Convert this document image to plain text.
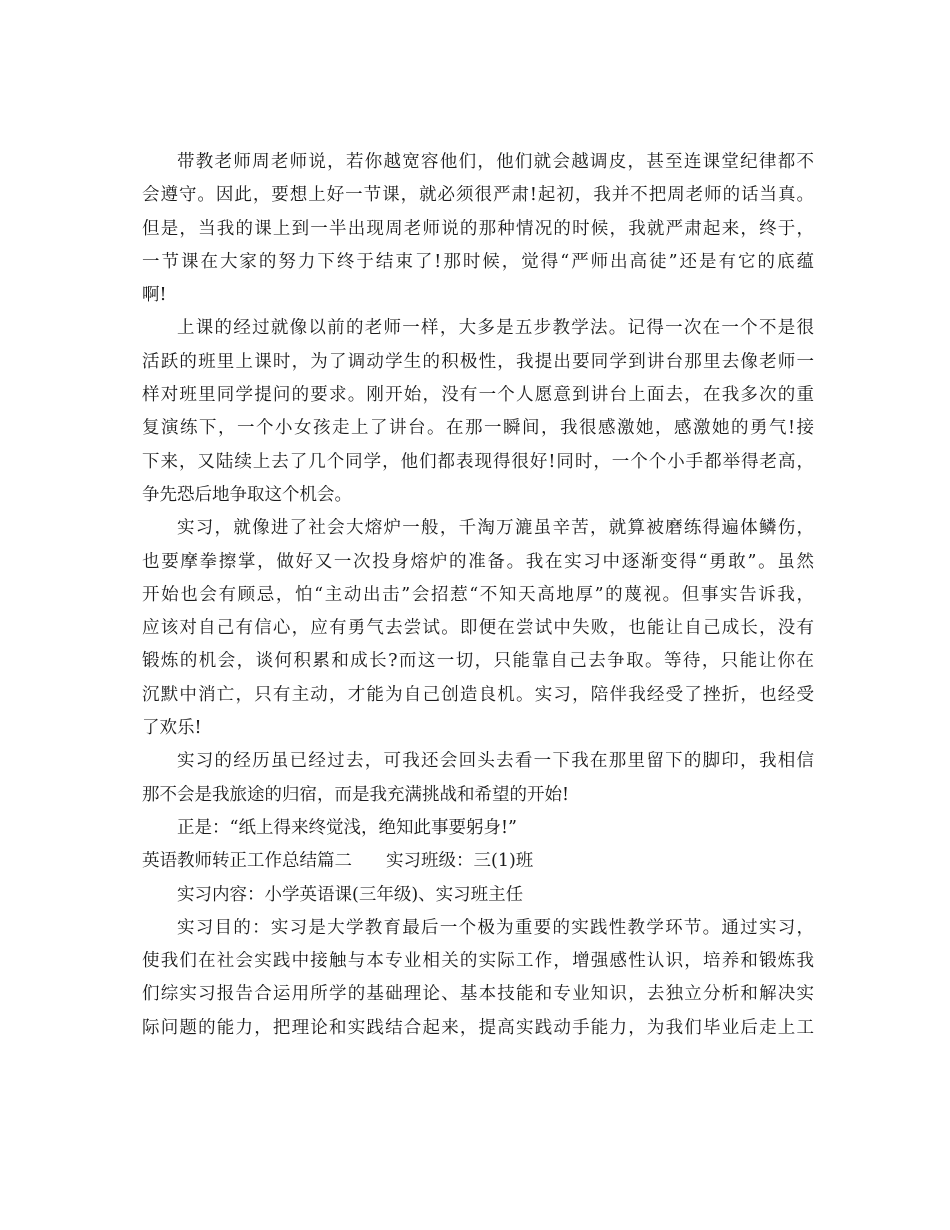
带教老师周老师说，若你越宽容他们，他们就会越调皮，甚至连课堂纪律都不
会遵守。因此，要想上好一节课，就必须很严肃!起初，我并不把周老师的话当真。
但是，当我的课上到一半出现周老师说的那种情况的时候，我就严肃起来，终于，
一节课在大家的努力下终于结束了!那时候，觉得“严师出高徒”还是有它的底蕴
啊!
上课的经过就像以前的老师一样，大多是五步教学法。记得一次在一个不是很
活跃的班里上课时，为了调动学生的积极性，我提出要同学到讲台那里去像老师一
样对班里同学提问的要求。刚开始，没有一个人愿意到讲台上面去，在我多次的重
复演练下，一个小女孩走上了讲台。在那一瞬间，我很感激她，感激她的勇气!接
下来，又陆续上去了几个同学，他们都表现得很好!同时，一个个小手都举得老高，
争先恐后地争取这个机会。
实习，就像进了社会大熔炉一般，千淘万漉虽辛苦，就算被磨练得遍体鳞伤，
也要摩拳擦掌，做好又一次投身熔炉的准备。我在实习中逐渐变得“勇敢”。虽然
开始也会有顾忌，怕“主动出击”会招惹“不知天高地厚”的蔑视。但事实告诉我，
应该对自己有信心，应有勇气去尝试。即便在尝试中失败，也能让自己成长，没有
锻炼的机会，谈何积累和成长?而这一切，只能靠自己去争取。等待，只能让你在
沉默中消亡，只有主动，才能为自己创造良机。实习，陪伴我经受了挫折，也经受
了欢乐!
实习的经历虽已经过去，可我还会回头去看一下我在那里留下的脚印，我相信
那不会是我旅途的归宿，而是我充满挑战和希望的开始!
正是：“纸上得来终觉浅，绝知此事要躬身!”
英语教师转正工作总结篇二 实习班级：三(1)班
实习内容：小学英语课(三年级)、实习班主任
实习目的：实习是大学教育最后一个极为重要的实践性教学环节。通过实习，
使我们在社会实践中接触与本专业相关的实际工作，增强感性认识，培养和锻炼我
们综实习报告合运用所学的基础理论、基本技能和专业知识，去独立分析和解决实
际问题的能力，把理论和实践结合起来，提高实践动手能力，为我们毕业后走上工
